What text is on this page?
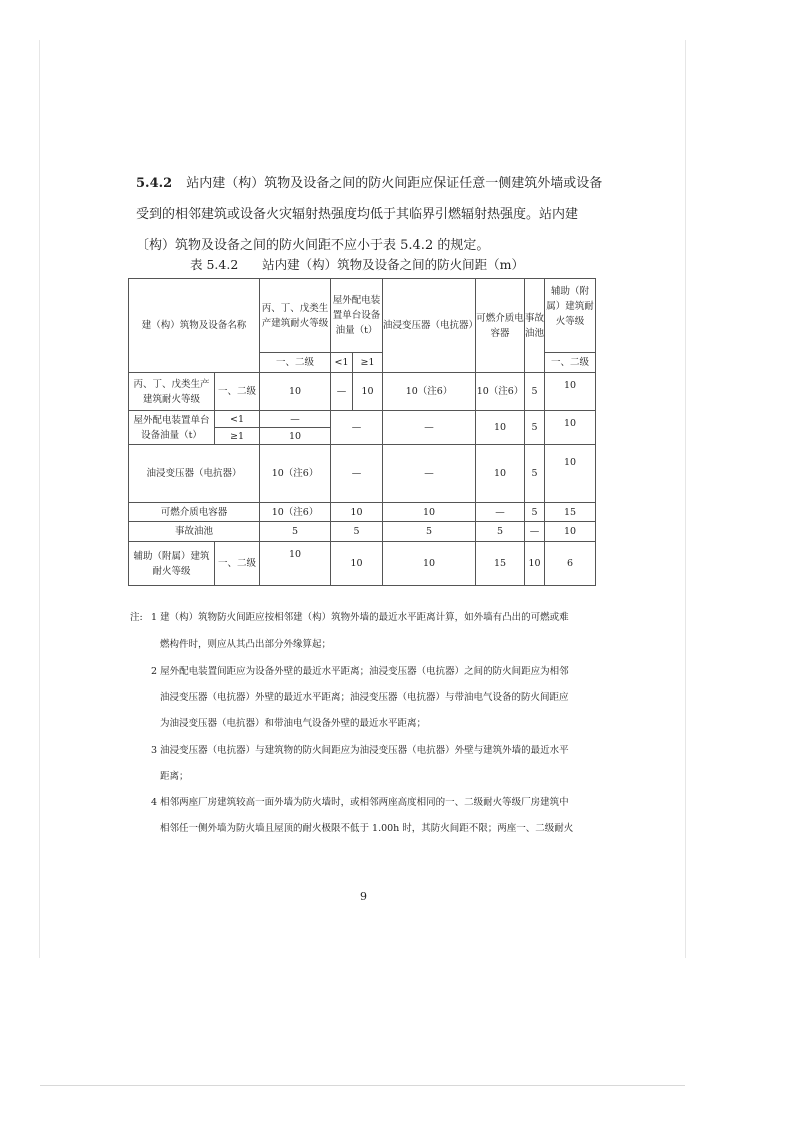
5.4.2 站内建（构）筑物及设备之间的防火间距应保证任意一侧建筑外墙或设备受到的相邻建筑或设备火灾辐射热强度均低于其临界引燃辐射热强度。站内建〔构）筑物及设备之间的防火间距不应小于表 5.4.2 的规定。
表 5.4.2 站内建（构）筑物及设备之间的防火间距（m）
建（构）筑物及设备名称		丙、丁、戊类生产建筑耐火等级	屋外配电装置单台设备油量（t）		油浸变压器（电抗器）	可燃介质电容器	事故油池	辅助（附属）建筑耐火等级
		一、二级	<1	≥1				一、二级
丙、丁、戊类生产建筑耐火等级	一、二级	10	—	10	10（注6）	10（注6）	5	10
屋外配电装置单台设备油量（t）	<1	—	—		—	10	5	10
	≥1	10						
油浸变压器（电抗器）		10（注6）	—		—	10	5	10
可燃介质电容器		10（注6）	10		10	—	5	15
事故油池		5	5		5	5	—	10
辅助（附属）建筑耐火等级	一、二级	10	10		10	15	10	6
注: 1 建（构）筑物防火间距应按相邻建（构）筑物外墙的最近水平距离计算，如外墙有凸出的可燃或难
燃构件时，则应从其凸出部分外缘算起；
2 屋外配电装置间距应为设备外壁的最近水平距离；油浸变压器（电抗器）之间的防火间距应为相邻
油浸变压器（电抗器）外壁的最近水平距离；油浸变压器（电抗器）与带油电气设备的防火间距应
为油浸变压器（电抗器）和带油电气设备外壁的最近水平距离；
3 油浸变压器（电抗器）与建筑物的防火间距应为油浸变压器（电抗器）外壁与建筑外墙的最近水平
距离；
4 相邻两座厂房建筑较高一面外墙为防火墙时，或相邻两座高度相同的一、二级耐火等级厂房建筑中
相邻任一侧外墙为防火墙且屋顶的耐火极限不低于 1.00h 时，其防火间距不限；两座一、二级耐火
9
